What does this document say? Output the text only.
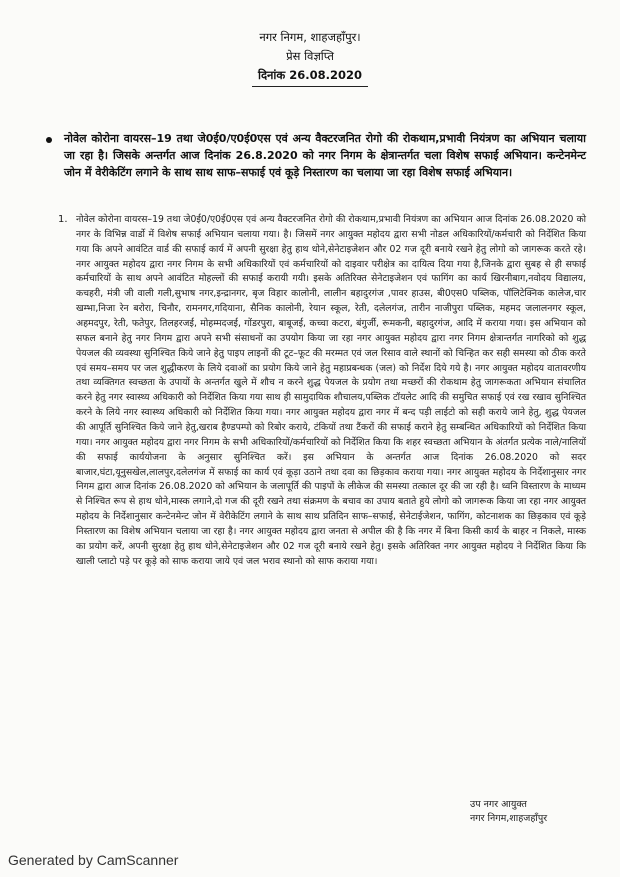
नगर निगम, शाहजहाँपुर।
प्रेस विज्ञप्ति
दिनांक 26.08.2020
नोवेल कोरोना वायरस–19 तथा जे0ई0/ए0ई0एस एवं अन्य वैक्टरजनित रोगो की रोकथाम,प्रभावी नियंत्रण का अभियान चलाया जा रहा है। जिसके अन्तर्गत आज दिनांक 26.8.2020 को नगर निगम के क्षेत्रान्तर्गत चला विशेष सफाई अभियान। कन्टेनमेन्ट जोन में वेरीकेटिंग लगाने के साथ साथ साफ–सफाई एवं कूड़े निस्तारण का चलाया जा रहा विशेष सफाई अभियान।
1. नोवेल कोरोना वायरस–19 तथा जे0ई0/ए0ई0एस एवं अन्य वैक्टरजनित रोगो की रोकथाम,प्रभावी नियंत्रण का अभियान आज दिनांक 26.08.2020 को नगर के विभिन्न वार्डो में विशेष सफाई अभियान चलाया गया। है। जिसमें नगर आयुक्त महोदय द्वारा सभी नोडल अधिकारियों/कर्मचारी को निर्देशित किया गया कि अपने आवंटित वार्ड की सफाई कार्य में अपनी सुरक्षा हेतु हाथ धोने,सेनेटाइजेशन और 02 गज दूरी बनाये रखने हेतु लोगो को जागरूक करते रहे। नगर आयुक्त महोदय द्वारा नगर निगम के सभी अधिकारियों एवं कर्मचारियों को दाइवार परीक्षेत्र का दायित्व दिया गया है,जिनके द्वारा सुबह से ही सफाई कर्मचारियों के साथ अपने आवंटित मोहल्लों की सफाई करायी गयी। इसके अतिरिक्त सेनेटाइजेशन एवं फागिंग का कार्य खिरनीबाग,नवोदय विद्यालय, कचहरी, मंत्री जी वाली गली,सुभाष नगर,इन्द्रानगर, बृज विहार कालोनी, लालीन बहादुरगंज ,पावर हाउस, बी0एस0 पब्लिक, पॉलिटेक्निक कालेज,चार खम्भा,निजा रेन बरोरा, चिनौर, रामनगर,गदियाना, सैनिक कालोनी, रेयान स्कूल, रेती, दलेलगंज, तारीन नाजीपुरा पब्लिक, महमद जलालनगर स्कूल, अहमदपुर, रेती, फतेपुर, तिलहरजई, मोहम्मदजई, गोंडरपुरा, बाबूजई, कच्चा कटरा, बंगुर्जी, रूमकनी, बहादुरगंज, आदि में कराया गया। इस अभियान को सफल बनाने हेतु नगर निगम द्वारा अपने सभी संसाधनों का उपयोग किया जा रहा नगर आयुक्त महोदय द्वारा नगर निगम क्षेत्रान्तर्गत नागरिको को शुद्ध पेयजल की व्यवस्था सुनिश्चित किये जाने हेतु पाइप लाइनों की टूट–फूट की मरम्मत एवं जल रिसाव वाले स्थानों को चिन्हित कर सही समस्या को ठीक करते एवं समय–समय पर जल शुद्धीकरण के लिये दवाओं का प्रयोग किये जाने हेतु महाप्रबन्धक (जल) को निर्देश दिये गये है। नगर आयुक्त महोदय वातावरणीय तथा व्यक्तिगत स्वच्छता के उपायों के अन्तर्गत खुले में शौच न करने शुद्ध पेयजल के प्रयोग तथा मच्छरों की रोकथाम हेतु जागरूकता अभियान संचालित करने हेतु नगर स्वास्थ्य अधिकारी को निर्देशित किया गया साथ ही सामुदायिक शौचालय,पब्लिक टॉयलेट आदि की समुचित सफाई एवं रख रखाव सुनिश्चित करने के लिये नगर स्वास्थ्य अधिकारी को निर्देशित किया गया। नगर आयुक्त महोदय द्वारा नगर में बन्द पड़ी लाईटो को सही कराये जाने हेतु, शुद्ध पेयजल की आपूर्ति सुनिश्चित किये जाने हेतु,खराब हैण्डपम्पो को रिबोर कराये, टंकियों तथा टैंकरों की सफाई कराने हेतु सम्बन्धित अधिकारियों को निर्देशित किया गया। नगर आयुक्त महोदय द्वारा नगर निगम के सभी अधिकारियों/कर्मचारियों को निर्देशित किया कि शहर स्वच्छता अभियान के अंतर्गत प्रत्येक नाले/नालियों की सफाई कार्ययोजना के अनुसार सुनिश्चित करें। इस अभियान के अन्तर्गत आज दिनांक 26.08.2020 को सदर बाजार,घंटा,यूनुसखेल,लालपुर,दलेलगंज में सफाई का कार्य एवं कूड़ा उठाने तथा दवा का छिड़काव कराया गया। नगर आयुक्त महोदय के निर्देशानुसार नगर निगम द्वारा आज दिनांक 26.08.2020 को अभियान के जलापूर्ति की पाइपों के लीकेज की समस्या तत्काल दूर की जा रही है। ध्वनि विस्तारण के माध्यम से निश्चित रूप से हाथ धोने,मास्क लगाने,दो गज की दूरी रखने तथा संक्रमण के बचाव का उपाय बताते हुये लोगो को जागरूक किया जा रहा नगर आयुक्त महोदय के निर्देशानुसार कन्टेनमेन्ट जोन में वेरीकेटिंग लगाने के साथ साथ प्रतिदिन साफ–सफाई, सेनेटाईजेशन, फागिंग, कोटनाशक का छिड़काव एवं कूड़े निस्तारण का विशेष अभियान चलाया जा रहा है। नगर आयुक्त महोदय द्वारा जनता से अपील की है कि नगर में बिना किसी कार्य के बाहर न निकले, मास्क का प्रयोग करें, अपनी सुरक्षा हेतु हाथ धोने,सेनेटाइजेशन और 02 गज दूरी बनाये रखने हेतु। इसके अतिरिक्त नगर आयुक्त महोदय ने निर्देशित किया कि खाली प्लाटो पड़े पर कूड़े को साफ कराया जाये एवं जल भराव स्थानो को साफ कराया गया।
उप नगर आयुक्त
नगर निगम,शाहजहाँपुर
Generated by CamScanner
